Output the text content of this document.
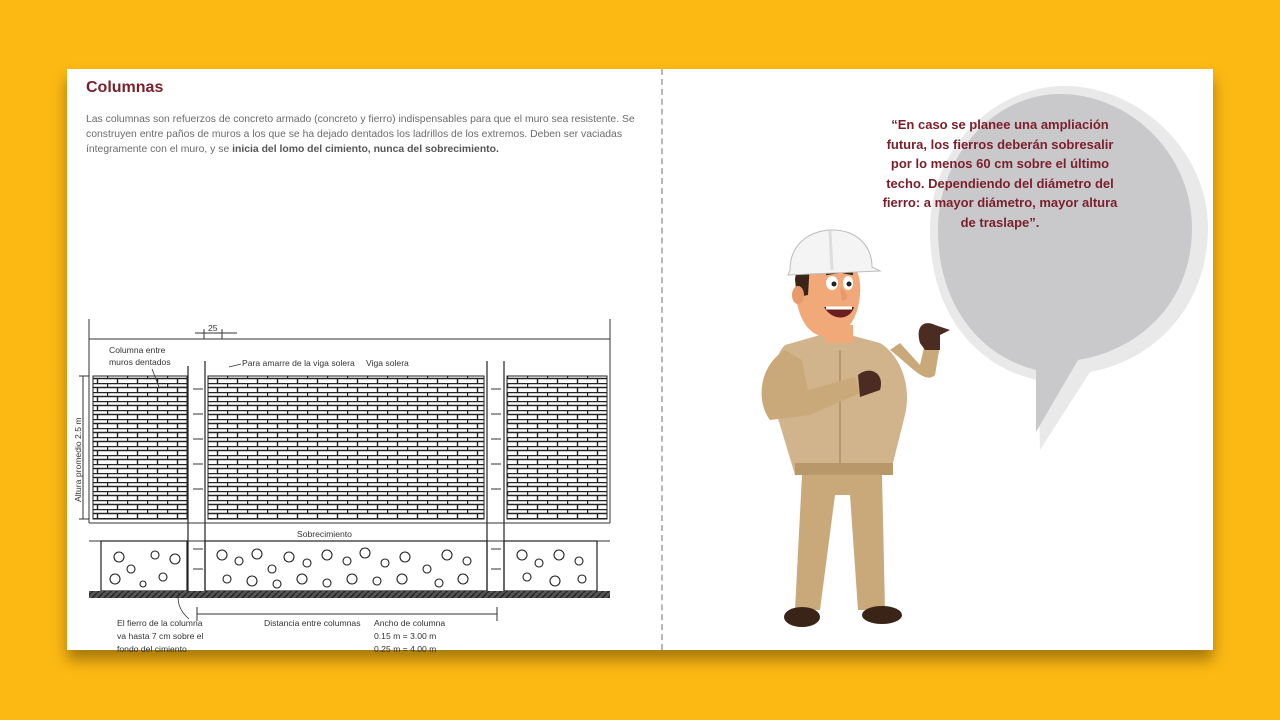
Columnas
Las columnas son refuerzos de concreto armado (concreto y fierro) indispensables para que el muro sea resistente. Se construyen entre paños de muros a los que se ha dejado dentados los ladrillos de los extremos. Deben ser vaciadas íntegramente con el muro, y se inicia del lomo del cimiento, nunca del sobrecimiento.
25
Sobrecimiento
Altura promedio 2.5 m
Columna entre
muros dentados	Para amarre de la viga solera Viga solera
El fierro de la columna
va hasta 7 cm sobre el
fondo del cimiento
Distancia entre columnas Ancho de columna
0.15 m = 3.00 m
0.25 m = 4.00 m
“En caso se planee una ampliación futura, los fierros deberán sobresalir por lo menos 60 cm sobre el último techo. Dependiendo del diámetro del fierro: a mayor diámetro, mayor altura de traslape”.
